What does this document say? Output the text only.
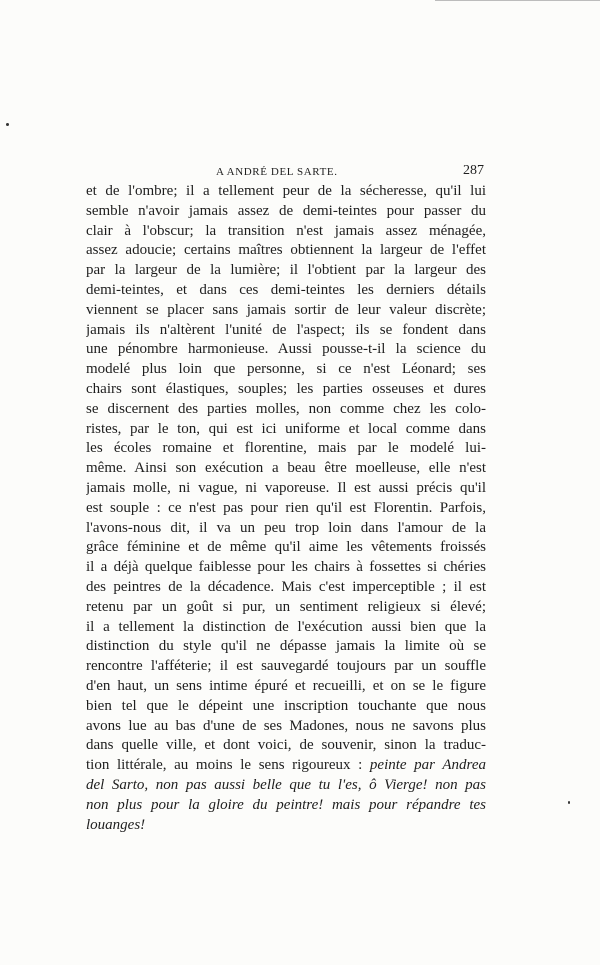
A ANDRÉ DEL SARTE.	287
et de l'ombre; il a tellement peur de la sécheresse, qu'il lui
semble n'avoir jamais assez de demi-teintes pour passer du
clair à l'obscur; la transition n'est jamais assez ménagée,
assez adoucie; certains maîtres obtiennent la largeur de l'effet
par la largeur de la lumière; il l'obtient par la largeur des
demi-teintes, et dans ces demi-teintes les derniers détails
viennent se placer sans jamais sortir de leur valeur discrète;
jamais ils n'altèrent l'unité de l'aspect; ils se fondent dans
une pénombre harmonieuse. Aussi pousse-t-il la science du
modelé plus loin que personne, si ce n'est Léonard; ses
chairs sont élastiques, souples; les parties osseuses et dures
se discernent des parties molles, non comme chez les colo-
ristes, par le ton, qui est ici uniforme et local comme dans
les écoles romaine et florentine, mais par le modelé lui-
même. Ainsi son exécution a beau être moelleuse, elle n'est
jamais molle, ni vague, ni vaporeuse. Il est aussi précis qu'il
est souple : ce n'est pas pour rien qu'il est Florentin. Parfois,
l'avons-nous dit, il va un peu trop loin dans l'amour de la
grâce féminine et de même qu'il aime les vêtements froissés
il a déjà quelque faiblesse pour les chairs à fossettes si chéries
des peintres de la décadence. Mais c'est imperceptible ; il est
retenu par un goût si pur, un sentiment religieux si élevé;
il a tellement la distinction de l'exécution aussi bien que la
distinction du style qu'il ne dépasse jamais la limite où se
rencontre l'afféterie; il est sauvegardé toujours par un souffle
d'en haut, un sens intime épuré et recueilli, et on se le figure
bien tel que le dépeint une inscription touchante que nous
avons lue au bas d'une de ses Madones, nous ne savons plus
dans quelle ville, et dont voici, de souvenir, sinon la traduc-
tion littérale, au moins le sens rigoureux : peinte par Andrea
del Sarto, non pas aussi belle que tu l'es, ô Vierge! non pas
non plus pour la gloire du peintre! mais pour répandre tes
louanges!
